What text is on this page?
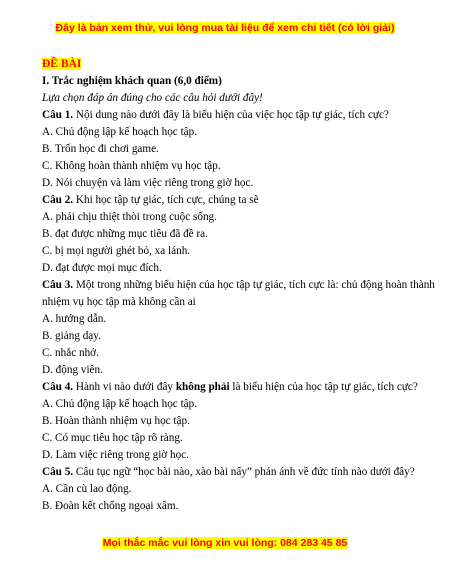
Đây là bản xem thử, vui lòng mua tài liệu để xem chi tiết (có lời giải)
ĐỀ BÀI
I. Trắc nghiệm khách quan (6,0 điểm)
Lựa chọn đáp án đúng cho các câu hỏi dưới đây!
Câu 1. Nội dung nào dưới đây là biểu hiện của việc học tập tự giác, tích cực?
A. Chủ động lập kế hoạch học tập.
B. Trốn học đi chơi game.
C. Không hoàn thành nhiệm vụ học tập.
D. Nói chuyện và làm việc riêng trong giờ học.
Câu 2. Khi học tập tự giác, tích cực, chúng ta sẽ
A. phải chịu thiệt thòi trong cuộc sống.
B. đạt được những mục tiêu đã đề ra.
C. bị mọi người ghét bỏ, xa lánh.
D. đạt được mọi mục đích.
Câu 3. Một trong những biểu hiện của học tập tự giác, tích cực là: chủ động hoàn thành
nhiệm vụ học tập mà không cần ai
A. hướng dẫn.
B. giảng dạy.
C. nhắc nhở.
D. động viên.
Câu 4. Hành vi nào dưới đây không phải là biểu hiện của học tập tự giác, tích cực?
A. Chủ động lập kế hoạch học tập.
B. Hoàn thành nhiệm vụ học tập.
C. Có mục tiêu học tập rõ ràng.
D. Làm việc riêng trong giờ học.
Câu 5. Câu tục ngữ “học bài nào, xào bài nấy” phản ánh về đức tính nào dưới đây?
A. Cần cù lao động.
B. Đoàn kết chống ngoại xâm.
Mọi thắc mắc vui lòng xin vui lòng: 084 283 45 85
